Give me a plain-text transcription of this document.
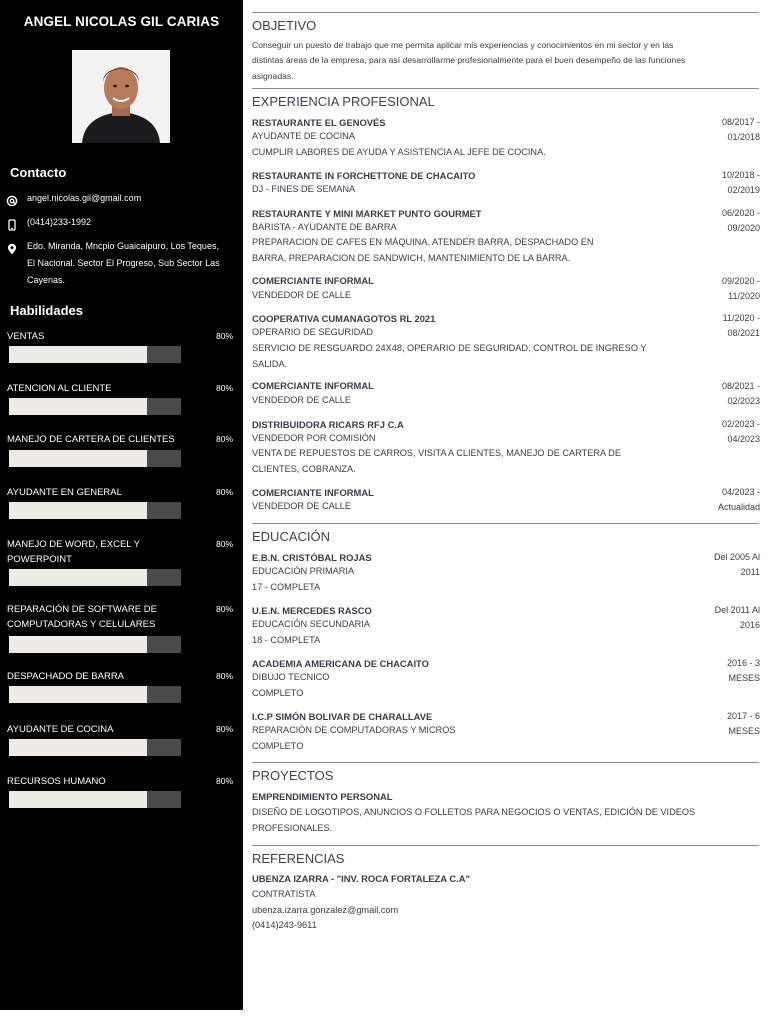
ANGEL NICOLAS GIL CARIAS
Contacto
angel.nicolas.gil@gmail.com
(0414)233-1992
Edo. Miranda, Mncpio Guaicaipuro, Los Teques,
El Nacional. Sector El Progreso, Sub Sector Las
Cayenas.
Habilidades
VENTAS	80%
ATENCION AL CLIENTE	80%
MANEJO DE CARTERA DE CLIENTES	80%
AYUDANTE EN GENERAL	80%
MANEJO DE WORD, EXCEL Y POWERPOINT
80%
REPARACIÓN DE SOFTWARE DE COMPUTADORAS Y CELULARES
80%
DESPACHADO DE BARRA	80%
AYUDANTE DE COCINA	80%
RECURSOS HUMANO	80%
OBJETIVO
Conseguir un puesto de trabajo que me permita aplicar mis experiencias y conocimientos en mi sector y en las
distintas áreas de la empresa, para así desarrollarme profesionalmente para el buen desempeño de las funciones
asignadas.
EXPERIENCIA PROFESIONAL
RESTAURANTE EL GENOVÉS
AYUDANTE DE COCINA
CUMPLIR LABORES DE AYUDA Y ASISTENCIA AL JEFE DE COCINA.
08/2017 -
01/2018
RESTAURANTE IN FORCHETTONE DE CHACAITO
DJ - FINES DE SEMANA
10/2018 -
02/2019
RESTAURANTE Y MINI MARKET PUNTO GOURMET
BARISTA - AYUDANTE DE BARRA
PREPARACION DE CAFES EN MÁQUINA, ATENDER BARRA, DESPACHADO EN
BARRA, PREPARACION DE SANDWICH, MANTENIMIENTO DE LA BARRA.
06/2020 -
09/2020
COMERCIANTE INFORMAL
VENDEDOR DE CALLE
09/2020 -
11/2020
COOPERATIVA CUMANAGOTOS RL 2021
OPERARIO DE SEGURIDAD
SERVICIO DE RESGUARDO 24X48, OPERARIO DE SEGURIDAD, CONTROL DE INGRESO Y
SALIDA.
11/2020 -
08/2021
COMERCIANTE INFORMAL
VENDEDOR DE CALLE
08/2021 -
02/2023
DISTRIBUIDORA RICARS RFJ C.A
VENDEDOR POR COMISIÓN
VENTA DE REPUESTOS DE CARROS, VISITA A CLIENTES, MANEJO DE CARTERA DE
CLIENTES, COBRANZA.
02/2023 -
04/2023
COMERCIANTE INFORMAL
VENDEDOR DE CALLE
04/2023 -
Actualidad
EDUCACIÓN
E.B.N. CRISTÓBAL ROJAS
EDUCACIÓN PRIMARIA
17 - COMPLETA
Del 2005 Al
2011
U.E.N. MERCEDES RASCO
EDUCACIÓN SECUNDARIA
18 - COMPLETA
Del 2011 Al
2016
ACADEMIA AMERICANA DE CHACAITO
DIBUJO TECNICO
COMPLETO
2016 - 3
MESES
I.C.P SIMÓN BOLIVAR DE CHARALLAVE
REPARACIÓN DE COMPUTADORAS Y MICROS
COMPLETO
2017 - 6
MESES
PROYECTOS
EMPRENDIMIENTO PERSONAL
DISEÑO DE LOGOTIPOS, ANUNCIOS O FOLLETOS PARA NEGOCIOS O VENTAS, EDICIÓN DE VIDEOS
PROFESIONALES.
REFERENCIAS
UBENZA IZARRA - "INV. ROCA FORTALEZA C.A"
CONTRATISTA
ubenza.izarra.gonzalez@gmail.com
(0414)243-9611
